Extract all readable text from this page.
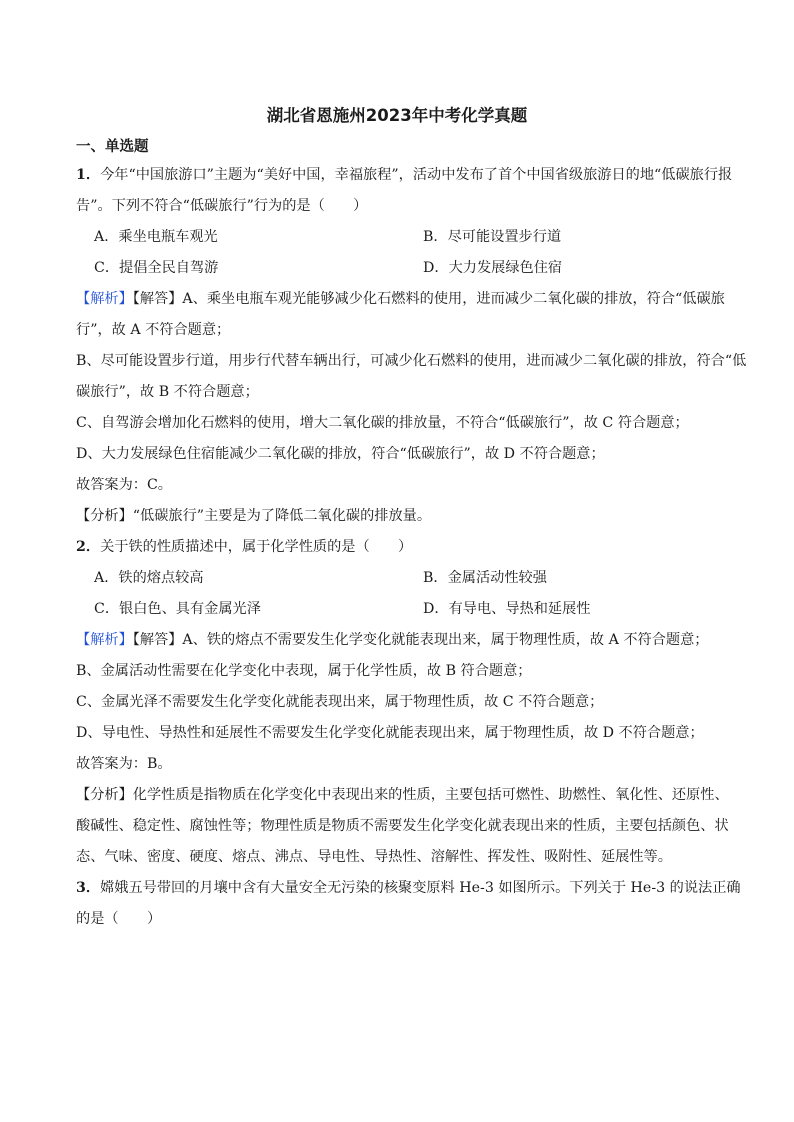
湖北省恩施州2023年中考化学真题
一、单选题
1．今年“中国旅游口”主题为“美好中国，幸福旅程”，活动中发布了首个中国省级旅游日的地“低碳旅行报
告”。下列不符合“低碳旅行”行为的是（　　）
A．乘坐电瓶车观光	B．尽可能设置步行道
C．提倡全民自驾游	D．大力发展绿色住宿
【解析】【解答】A、乘坐电瓶车观光能够减少化石燃料的使用，进而减少二氧化碳的排放，符合“低碳旅
行”，故 A 不符合题意；
B、尽可能设置步行道，用步行代替车辆出行，可减少化石燃料的使用，进而减少二氧化碳的排放，符合“低
碳旅行”，故 B 不符合题意；
C、自驾游会增加化石燃料的使用，增大二氧化碳的排放量，不符合“低碳旅行”，故 C 符合题意；
D、大力发展绿色住宿能减少二氧化碳的排放，符合“低碳旅行”，故 D 不符合题意；
故答案为：C。
【分析】“低碳旅行”主要是为了降低二氧化碳的排放量。
2．关于铁的性质描述中，属于化学性质的是（　　）
A．铁的熔点较高	B．金属活动性较强
C．银白色、具有金属光泽	D．有导电、导热和延展性
【解析】【解答】A、铁的熔点不需要发生化学变化就能表现出来，属于物理性质，故 A 不符合题意；
B、金属活动性需要在化学变化中表现，属于化学性质，故 B 符合题意；
C、金属光泽不需要发生化学变化就能表现出来，属于物理性质，故 C 不符合题意；
D、导电性、导热性和延展性不需要发生化学变化就能表现出来，属于物理性质，故 D 不符合题意；
故答案为：B。
【分析】化学性质是指物质在化学变化中表现出来的性质，主要包括可燃性、助燃性、氧化性、还原性、
酸碱性、稳定性、腐蚀性等；物理性质是物质不需要发生化学变化就表现出来的性质，主要包括颜色、状
态、气味、密度、硬度、熔点、沸点、导电性、导热性、溶解性、挥发性、吸附性、延展性等。
3．嫦娥五号带回的月壤中含有大量安全无污染的核聚变原料 He-3 如图所示。下列关于 He-3 的说法正确
的是（　　）
